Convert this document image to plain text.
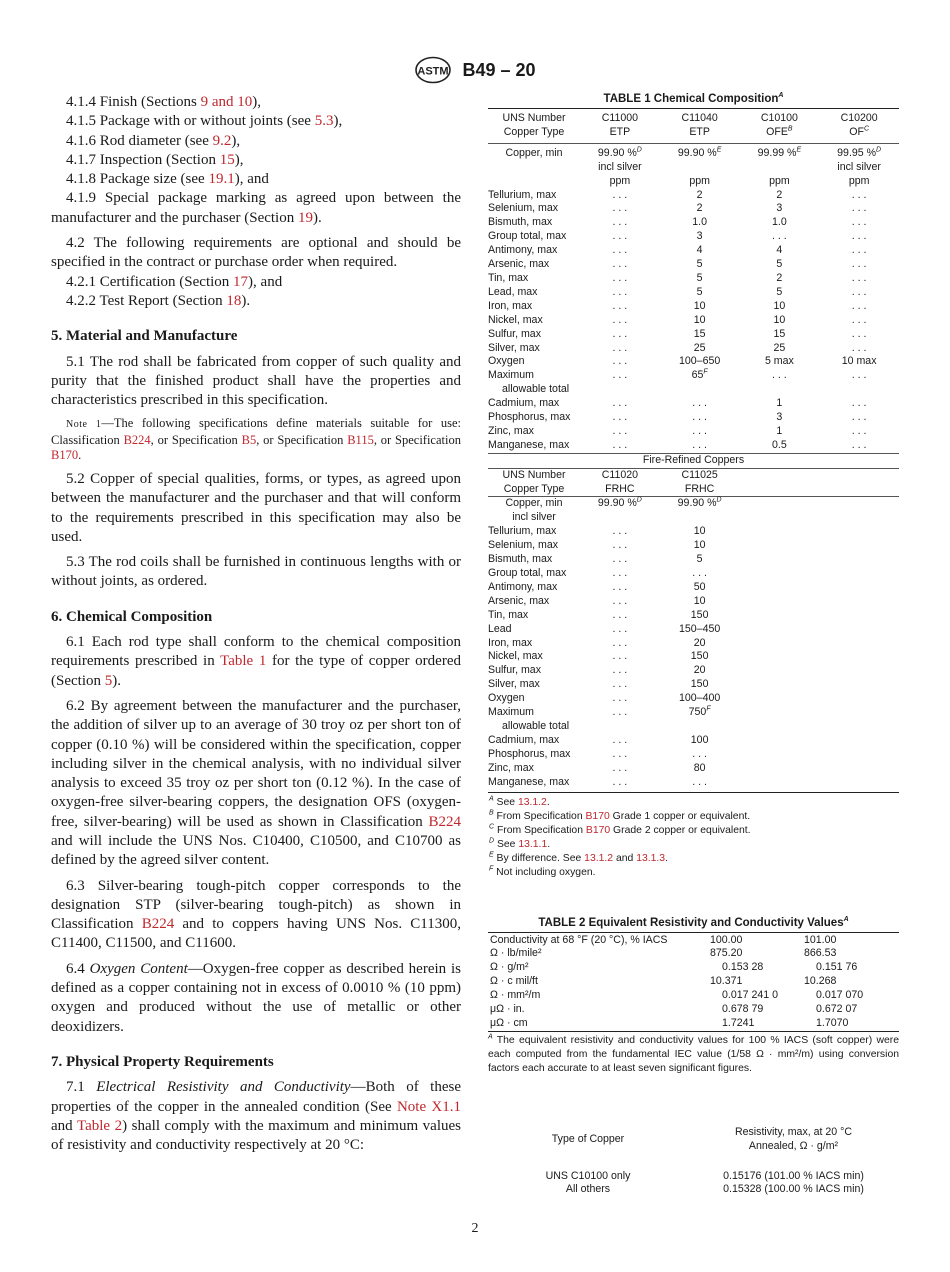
ASTM B49 – 20

4.1.4 Finish (Sections 9 and 10),

4.1.5 Package with or without joints (see 5.3),

4.1.6 Rod diameter (see 9.2),

4.1.7 Inspection (Section 15),

4.1.8 Package size (see 19.1), and

4.1.9 Special package marking as agreed upon between the manufacturer and the purchaser (Section 19).

4.2 The following requirements are optional and should be specified in the contract or purchase order when required.

4.2.1 Certification (Section 17), and

4.2.2 Test Report (Section 18).

5. Material and Manufacture

5.1 The rod shall be fabricated from copper of such quality and purity that the finished product shall have the properties and characteristics prescribed in this specification.

Note 1—The following specifications define materials suitable for use: Classification B224, or Specification B5, or Specification B115, or Specification B170.

5.2 Copper of special qualities, forms, or types, as agreed upon between the manufacturer and the purchaser and that will conform to the requirements prescribed in this specification may also be used.

5.3 The rod coils shall be furnished in continuous lengths with or without joints, as ordered.

6. Chemical Composition

6.1 Each rod type shall conform to the chemical composition requirements prescribed in Table 1 for the type of copper ordered (Section 5).

6.2 By agreement between the manufacturer and the purchaser, the addition of silver up to an average of 30 troy oz per short ton of copper (0.10 %) will be considered within the specification, copper including silver in the chemical analysis, with no individual silver analysis to exceed 35 troy oz per short ton (0.12 %). In the case of oxygen-free silver-bearing coppers, the designation OFS (oxygen-free, silver-bearing) will be used as shown in Classification B224 and will include the UNS Nos. C10400, C10500, and C10700 as defined by the agreed silver content.

6.3 Silver-bearing tough-pitch copper corresponds to the designation STP (silver-bearing tough-pitch) as shown in Classification B224 and to coppers having UNS Nos. C11300, C11400, C11500, and C11600.

6.4 Oxygen Content—Oxygen-free copper as described herein is defined as a copper containing not in excess of 0.0010 % (10 ppm) oxygen and produced without the use of metallic or other deoxidizers.

7. Physical Property Requirements

7.1 Electrical Resistivity and Conductivity—Both of these properties of the copper in the annealed condition (See Note X1.1 and Table 2) shall comply with the maximum and minimum values of resistivity and conductivity respectively at 20 °C:

TABLE 1 Chemical Composition$^A$
UNS Number	C11000	C11040	C10100	C10200
Copper Type	ETP	ETP	$OFE^B$	$OF^C$
Copper, min	99.90 %$^D$	99.90 %$^E$	99.99 %$^E$	99.95 %$^D$
	incl silver			incl silver
	ppm	ppm	ppm	ppm
Tellurium, max	. . .	2	2	. . .
Selenium, max	. . .	2	3	. . .
Bismuth, max	. . .	1.0	1.0	. . .
Group total, max	. . .	3	. . .	. . .
Antimony, max	. . .	4	4	. . .
Arsenic, max	. . .	5	5	. . .
Tin, max	. . .	5	2	. . .
Lead, max	. . .	5	5	. . .
Iron, max	. . .	10	10	. . .
Nickel, max	. . .	10	10	. . .
Sulfur, max	. . .	15	15	. . .
Silver, max	. . .	25	25	. . .
Oxygen	. . .	100–650	5 max	10 max
Maximum	. . .	$65^F$	. . .	. . .
allowable total				
Cadmium, max	. . .	. . .	1	. . .
Phosphorus, max	. . .	. . .	3	. . .
Zinc, max	. . .	. . .	1	. . .
Manganese, max	. . .	. . .	0.5	. . .
Fire-Refined Coppers				
UNS Number	C11020	C11025		
Copper Type	FRHC	FRHC		
Copper, min	99.90 %$^D$	99.90 %$^D$		
incl silver				
Tellurium, max	. . .	10		
Selenium, max	. . .	10		
Bismuth, max	. . .	5		
Group total, max	. . .	. . .		
Antimony, max	. . .	50		
Arsenic, max	. . .	10		
Tin, max	. . .	150		
Lead	. . .	150–450		
Iron, max	. . .	20		
Nickel, max	. . .	150		
Sulfur, max	. . .	20		
Silver, max	. . .	150		
Oxygen	. . .	100–400		
Maximum	. . .	$750^F$		
allowable total				
Cadmium, max	. . .	100		
Phosphorus, max	. . .	. . .		
Zinc, max	. . .	80		
Manganese, max	. . .	. . .		
$^A$ See 13.1.2.
$^B$ From Specification B170 Grade 1 copper or equivalent.
$^C$ From Specification B170 Grade 2 copper or equivalent.
$^D$ See 13.1.1.
$^E$ By difference. See 13.1.2 and 13.1.3.
$^F$ Not including oxygen.
TABLE 2 Equivalent Resistivity and Conductivity Values$^A$
Conductivity at 68 °F (20 °C), % IACS	100.00	101.00
Ω · lb/mile²	875.20	866.53
Ω · g/m²	0.153 28	0.151 76
Ω · c mil/ft	10.371	10.268
Ω · mm²/m	0.017 241 0	0.017 070
μΩ · in.	0.678 79	0.672 07
μΩ · cm	1.7241	1.7070

$^A$ The equivalent resistivity and conductivity values for 100 % IACS (soft copper) were each computed from the fundamental IEC value (1/58 Ω · mm²/m) using conversion factors each accurate to at least seven significant figures.

Type of Copper	Resistivity, max, at 20 °C
Annealed, Ω · g/m²

UNS C10100 only	0.15176 (101.00 % IACS min)
All others	0.15328 (100.00 % IACS min)
2
